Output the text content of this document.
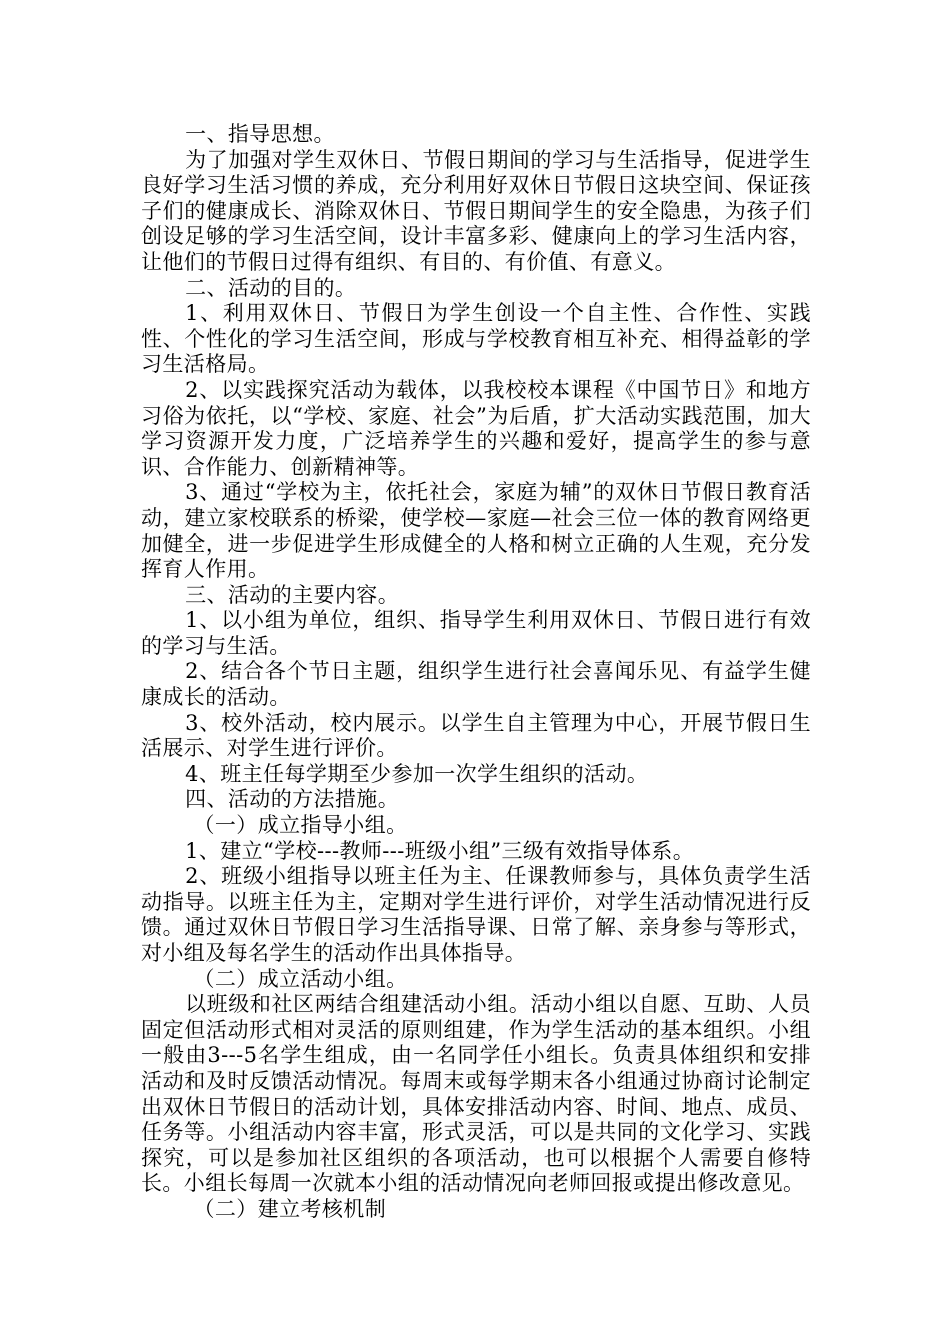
一、指导思想。

为了加强对学生双休日、节假日期间的学习与生活指导，促进学生良好学习生活习惯的养成，充分利用好双休日节假日这块空间、保证孩子们的健康成长、消除双休日、节假日期间学生的安全隐患，为孩子们创设足够的学习生活空间，设计丰富多彩、健康向上的学习生活内容，让他们的节假日过得有组织、有目的、有价值、有意义。

二、活动的目的。

1、利用双休日、节假日为学生创设一个自主性、合作性、实践性、个性化的学习生活空间，形成与学校教育相互补充、相得益彰的学习生活格局。

2、以实践探究活动为载体，以我校校本课程《中国节日》和地方习俗为依托，以“学校、家庭、社会”为后盾，扩大活动实践范围，加大学习资源开发力度，广泛培养学生的兴趣和爱好，提高学生的参与意识、合作能力、创新精神等。

3、通过“学校为主，依托社会，家庭为辅”的双休日节假日教育活动，建立家校联系的桥梁，使学校—家庭—社会三位一体的教育网络更加健全，进一步促进学生形成健全的人格和树立正确的人生观，充分发挥育人作用。

三、活动的主要内容。

1、以小组为单位，组织、指导学生利用双休日、节假日进行有效的学习与生活。

2、结合各个节日主题，组织学生进行社会喜闻乐见、有益学生健康成长的活动。

3、校外活动，校内展示。以学生自主管理为中心，开展节假日生活展示、对学生进行评价。

4、班主任每学期至少参加一次学生组织的活动。

四、活动的方法措施。

（一）成立指导小组。

1、建立“学校---教师---班级小组”三级有效指导体系。

2、班级小组指导以班主任为主、任课教师参与，具体负责学生活动指导。以班主任为主，定期对学生进行评价，对学生活动情况进行反馈。通过双休日节假日学习生活指导课、日常了解、亲身参与等形式，对小组及每名学生的活动作出具体指导。

（二）成立活动小组。

以班级和社区两结合组建活动小组。活动小组以自愿、互助、人员固定但活动形式相对灵活的原则组建，作为学生活动的基本组织。小组一般由3---5名学生组成，由一名同学任小组长。负责具体组织和安排活动和及时反馈活动情况。每周末或每学期末各小组通过协商讨论制定出双休日节假日的活动计划，具体安排活动内容、时间、地点、成员、任务等。小组活动内容丰富，形式灵活，可以是共同的文化学习、实践探究，可以是参加社区组织的各项活动，也可以根据个人需要自修特长。小组长每周一次就本小组的活动情况向老师回报或提出修改意见。

（二）建立考核机制
